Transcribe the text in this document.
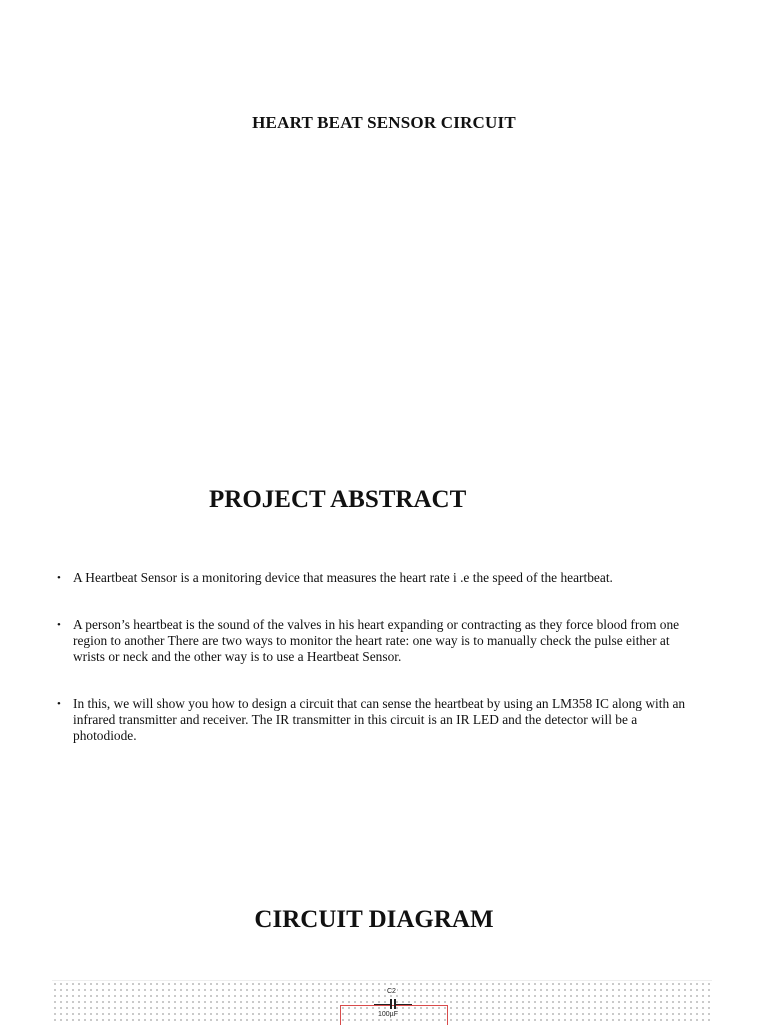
HEART BEAT SENSOR CIRCUIT
PROJECT ABSTRACT
• A Heartbeat Sensor is a monitoring device that measures the heart rate i .e the speed of the heartbeat.
• A person’s heartbeat is the sound of the valves in his heart expanding or contracting as they force blood from one region to another There are two ways to monitor the heart rate: one way is to manually check the pulse either at wrists or neck and the other way is to use a Heartbeat Sensor.
• In this, we will show you how to design a circuit that can sense the heartbeat by using an LM358 IC along with an infrared transmitter and receiver. The IR transmitter in this circuit is an IR LED and the detector will be a photodiode.
CIRCUIT DIAGRAM
C2
100µF
